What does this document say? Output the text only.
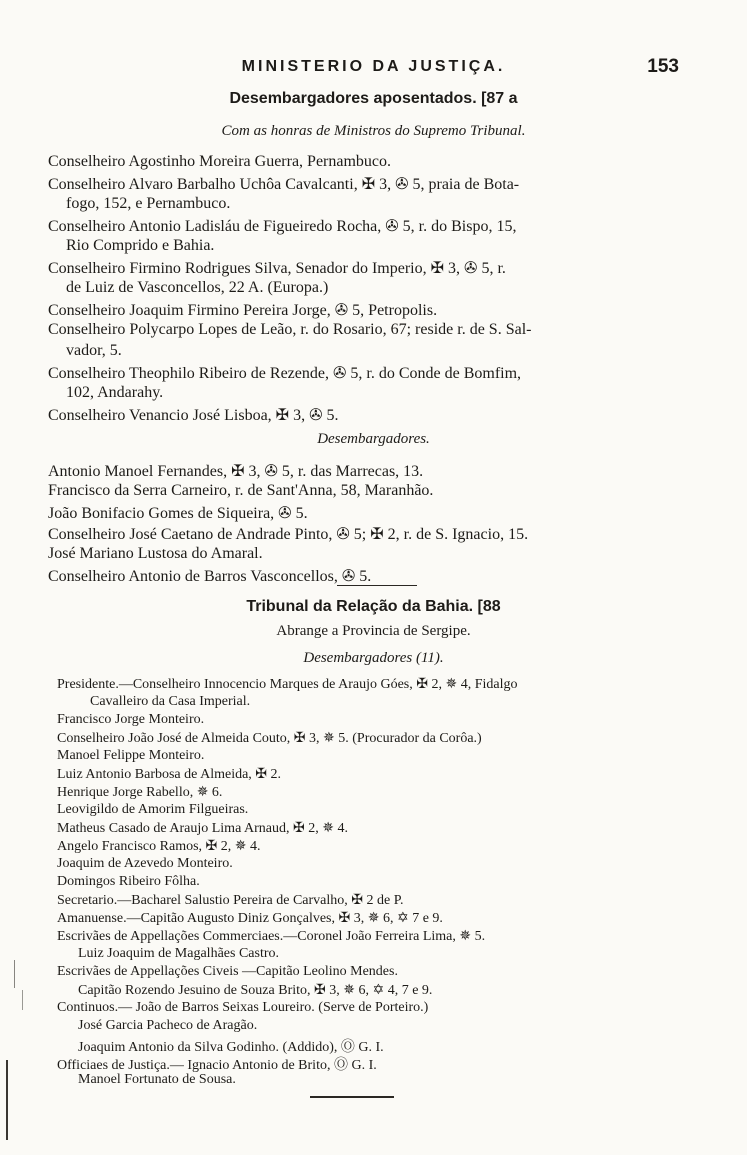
MINISTERIO DA JUSTIÇA.	153
Desembargadores aposentados. [87 a
Com as honras de Ministros do Supremo Tribunal.
Conselheiro Agostinho Moreira Guerra, Pernambuco.
Conselheiro Alvaro Barbalho Uchôa Cavalcanti, ✠ 3, ✇ 5, praia de Bota-
fogo, 152, e Pernambuco.
Conselheiro Antonio Ladisláu de Figueiredo Rocha, ✇ 5, r. do Bispo, 15,
Rio Comprido e Bahia.
Conselheiro Firmino Rodrigues Silva, Senador do Imperio, ✠ 3, ✇ 5, r.
de Luiz de Vasconcellos, 22 A. (Europa.)
Conselheiro Joaquim Firmino Pereira Jorge, ✇ 5, Petropolis.
Conselheiro Polycarpo Lopes de Leão, r. do Rosario, 67; reside r. de S. Sal-
vador, 5.
Conselheiro Theophilo Ribeiro de Rezende, ✇ 5, r. do Conde de Bomfim,
102, Andarahy.
Conselheiro Venancio José Lisboa, ✠ 3, ✇ 5.
Desembargadores.
Antonio Manoel Fernandes, ✠ 3, ✇ 5, r. das Marrecas, 13.
Francisco da Serra Carneiro, r. de Sant'Anna, 58, Maranhão.
João Bonifacio Gomes de Siqueira, ✇ 5.
Conselheiro José Caetano de Andrade Pinto, ✇ 5; ✠ 2, r. de S. Ignacio, 15.
José Mariano Lustosa do Amaral.
Conselheiro Antonio de Barros Vasconcellos, ✇ 5.
Tribunal da Relação da Bahia. [88
Abrange a Provincia de Sergipe.
Desembargadores (11).
Presidente.—Conselheiro Innocencio Marques de Araujo Góes, ✠ 2, ✵ 4, Fidalgo
Cavalleiro da Casa Imperial.
Francisco Jorge Monteiro.
Conselheiro João José de Almeida Couto, ✠ 3, ✵ 5. (Procurador da Corôa.)
Manoel Felippe Monteiro.
Luiz Antonio Barbosa de Almeida, ✠ 2.
Henrique Jorge Rabello, ✵ 6.
Leovigildo de Amorim Filgueiras.
Matheus Casado de Araujo Lima Arnaud, ✠ 2, ✵ 4.
Angelo Francisco Ramos, ✠ 2, ✵ 4.
Joaquim de Azevedo Monteiro.
Domingos Ribeiro Fôlha.
Secretario.—Bacharel Salustio Pereira de Carvalho, ✠ 2 de P.
Amanuense.—Capitão Augusto Diniz Gonçalves, ✠ 3, ✵ 6, ✡ 7 e 9.
Escrivães de Appellações Commerciaes.—Coronel João Ferreira Lima, ✵ 5.
Luiz Joaquim de Magalhães Castro.
Escrivães de Appellações Civeis —Capitão Leolino Mendes.
Capitão Rozendo Jesuino de Souza Brito, ✠ 3, ✵ 6, ✡ 4, 7 e 9.
Continuos.— João de Barros Seixas Loureiro. (Serve de Porteiro.)
José Garcia Pacheco de Aragão.
Joaquim Antonio da Silva Godinho. (Addido), Ⓞ G. I.
Officiaes de Justiça.— Ignacio Antonio de Brito, Ⓞ G. I.
Manoel Fortunato de Sousa.
